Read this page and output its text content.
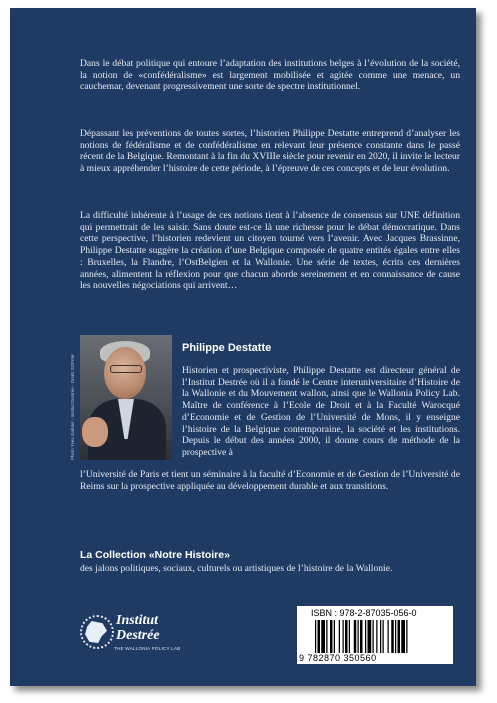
Dans le débat politique qui entoure l’adaptation des institutions belges à l’évolution de la société, la notion de «confédéralisme» est largement mobilisée et agitée comme une menace, un cauchemar, devenant progressivement une sorte de spectre institutionnel.

Dépassant les préventions de toutes sortes, l’historien Philippe Destatte entreprend d’analyser les notions de fédéralisme et de confédéralisme en relevant leur présence constante dans le passé récent de la Belgique. Remontant à la fin du XVIIIe siècle pour revenir en 2020, il invite le lecteur à mieux appréhender l’histoire de cette période, à l’épreuve de ces concepts et de leur évolution.

La difficulté inhérente à l’usage de ces notions tient à l’absence de consensus sur UNE définition qui permettrait de les saisir. Sans doute est-ce là une richesse pour le débat démocratique. Dans cette perspective, l’historien redevient un citoyen tourné vers l’avenir. Avec Jacques Brassinne, Philippe Destatte suggère la création d’une Belgique composée de quatre entités égales entre elles : Bruxelles, la Flandre, l’OstBelgien et la Wallonie. Une série de textes, écrits ces dernières années, alimentent la réflexion pour que chacun aborde sereinement et en connaissance de cause les nouvelles négociations qui arrivent…

Photo Yves Gabriel - Institut Destrée - Droits SOFAM

Philippe Destatte

Historien et prospectiviste, Philippe Destatte est directeur général de l’Institut Destrée où il a fondé le Centre interuniversitaire d’Histoire de la Wallonie et du Mouvement wallon, ainsi que le Wallonia Policy Lab. Maître de conférence à l’Ecole de Droit et à la Faculté Warocqué d’Economie et de Gestion de l’Université de Mons, il y enseigne l’histoire de la Belgique contemporaine, la société et les institutions. Depuis le début des années 2000, il donne cours de méthode de la prospective à

l’Université de Paris et tient un séminaire à la faculté d’Economie et de Gestion de l’Université de Reims sur la prospective appliquée au développement durable et aux transitions.

La Collection «Notre Histoire»

des jalons politiques, sociaux, culturels ou artistiques de l’histoire de la Wallonie.

Institut

Destrée

THE WALLONIA POLICY LAB

ISBN : 978-2-87035-056-0

9 782870 350560
